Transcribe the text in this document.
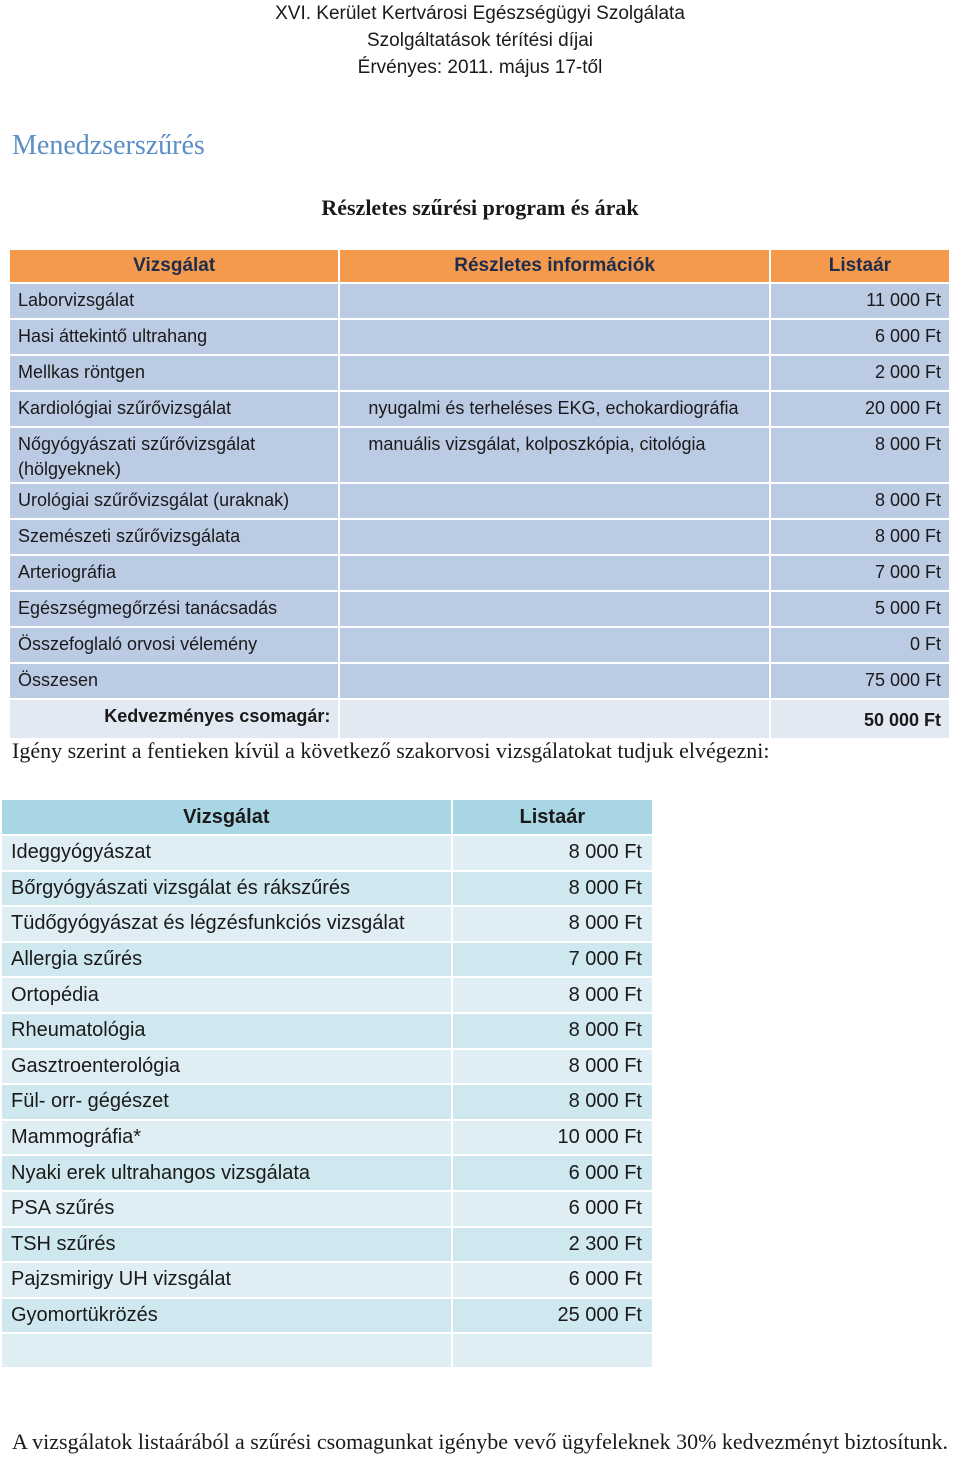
XVI. Kerület Kertvárosi Egészségügyi Szolgálata
Szolgáltatások térítési díjai
Érvényes: 2011. május 17-től
Menedzserszűrés
Részletes szűrési program és árak
Vizsgálat	Részletes információk	Listaár
Laborvizsgálat		11 000 Ft
Hasi áttekintő ultrahang		6 000 Ft
Mellkas röntgen		2 000 Ft
Kardiológiai szűrővizsgálat	nyugalmi és terheléses EKG, echokardiográfia	20 000 Ft
Nőgyógyászati szűrővizsgálat (hölgyeknek)	manuális vizsgálat, kolposzkópia, citológia	8 000 Ft
Urológiai szűrővizsgálat (uraknak)		8 000 Ft
Szemészeti szűrővizsgálata		8 000 Ft
Arteriográfia		7 000 Ft
Egészségmegőrzési tanácsadás		5 000 Ft
Összefoglaló orvosi vélemény		0 Ft
Összesen		75 000 Ft
Kedvezményes csomagár:		50 000 Ft
Igény szerint a fentieken kívül a következő szakorvosi vizsgálatokat tudjuk elvégezni:
Vizsgálat	Listaár
Ideggyógyászat	8 000 Ft
Bőrgyógyászati vizsgálat és rákszűrés	8 000 Ft
Tüdőgyógyászat és légzésfunkciós vizsgálat	8 000 Ft
Allergia szűrés	7 000 Ft
Ortopédia	8 000 Ft
Rheumatológia	8 000 Ft
Gasztroenterológia	8 000 Ft
Fül- orr- gégészet	8 000 Ft
Mammográfia*	10 000 Ft
Nyaki erek ultrahangos vizsgálata	6 000 Ft
PSA szűrés	6 000 Ft
TSH szűrés	2 300 Ft
Pajzsmirigy UH vizsgálat	6 000 Ft
Gyomortükrözés	25 000 Ft

A vizsgálatok listaárából a szűrési csomagunkat igénybe vevő ügyfeleknek 30% kedvezményt biztosítunk.
